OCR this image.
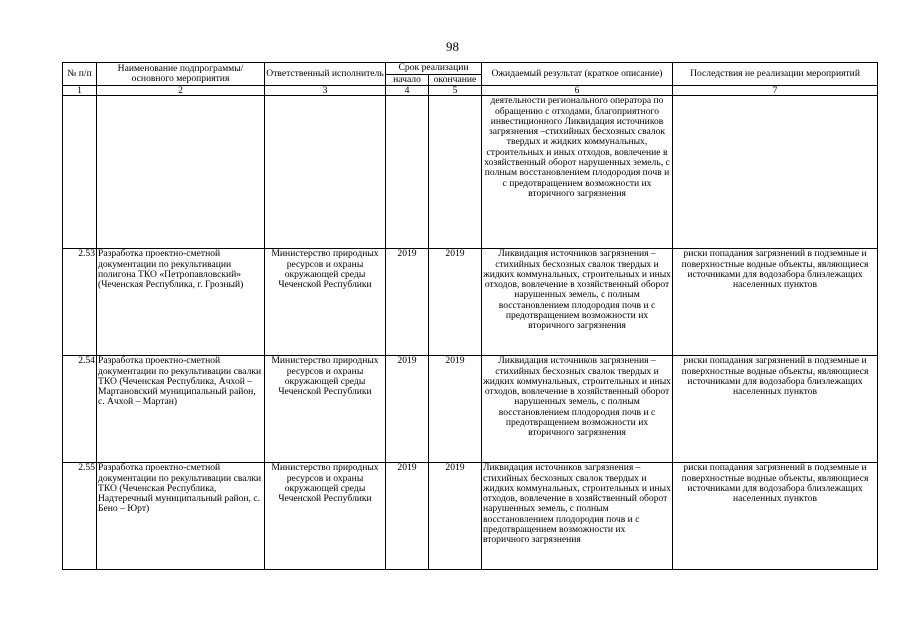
98
№ п/п	Наименование подпрограммы/ основного мероприятия	Ответственный исполнитель	Срок реализации		Ожидаемый результат (краткое описание)	Последствия не реализации мероприятий
			начало	окончание		
1	2	3	4	5	6	7
					деятельности регионального оператора по обращению с отходами, благоприятного инвестиционного Ликвидация источников загрязнения –стихийных бесхозных свалок твердых и жидких коммунальных, строительных и иных отходов, вовлечение в хозяйственный оборот нарушенных земель, с полным восстановлением плодородия почв и с предотвращением возможности их вторичного загрязнения	
2.53	Разработка проектно-сметной документации по рекультивации полигона ТКО «Петропавловский» (Чеченская Республика, г. Грозный)	Министерство природных ресурсов и охраны окружающей среды Чеченской Республики	2019	2019	Ликвидация источников загрязнения –стихийных бесхозных свалок твердых и жидких коммунальных, строительных и иных отходов, вовлечение в хозяйственный оборот нарушенных земель, с полным восстановлением плодородия почв и с предотвращением возможности их вторичного загрязнения	риски попадания загрязнений в подземные и поверхностные водные объекты, являющиеся источниками для водозабора близлежащих населенных пунктов
2.54	Разработка проектно-сметной документации по рекультивации свалки ТКО (Чеченская Республика, Ачхой – Мартановский муниципальный район, с. Ачхой – Мартан)	Министерство природных ресурсов и охраны окружающей среды Чеченской Республики	2019	2019	Ликвидация источников загрязнения –стихийных бесхозных свалок твердых и жидких коммунальных, строительных и иных отходов, вовлечение в хозяйственный оборот нарушенных земель, с полным восстановлением плодородия почв и с предотвращением возможности их вторичного загрязнения	риски попадания загрязнений в подземные и поверхностные водные объекты, являющиеся источниками для водозабора близлежащих населенных пунктов
2.55	Разработка проектно-сметной документации по рекультивации свалки ТКО (Чеченская Республика, Надтеречный муниципальный район, с. Бено – Юрт)	Министерство природных ресурсов и охраны окружающей среды Чеченской Республики	2019	2019	Ликвидация источников загрязнения –стихийных бесхозных свалок твердых и жидких коммунальных, строительных и иных отходов, вовлечение в хозяйственный оборот нарушенных земель, с полным восстановлением плодородия почв и с предотвращением возможности их вторичного загрязнения	риски попадания загрязнений в подземные и поверхностные водные объекты, являющиеся источниками для водозабора близлежащих населенных пунктов
